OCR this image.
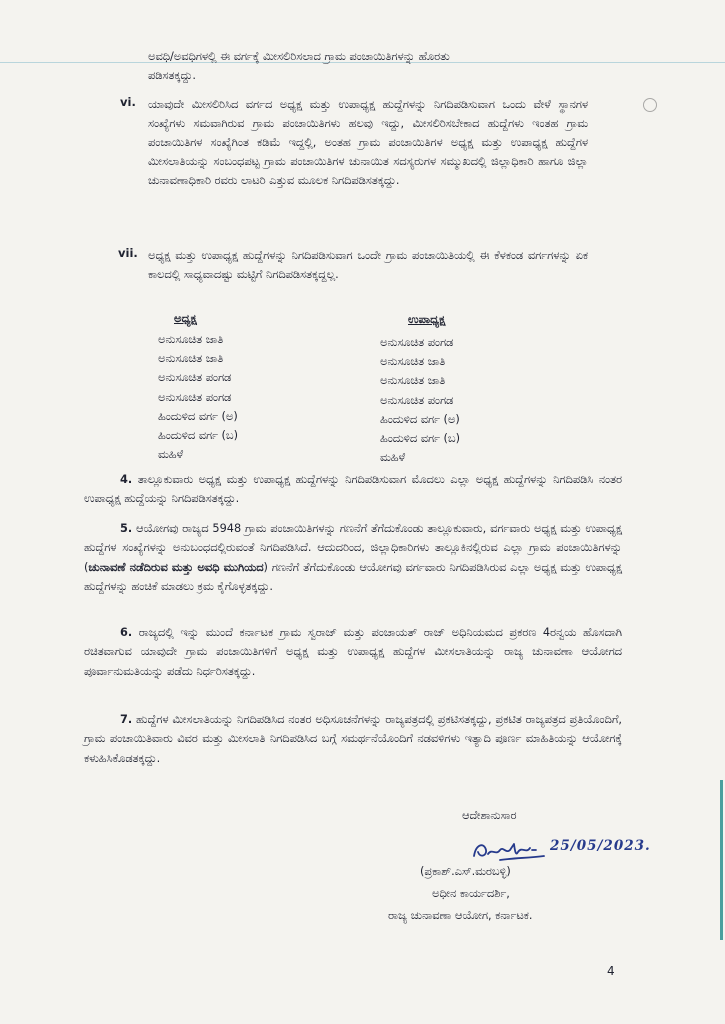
ಅವಧಿ/ಅವಧಿಗಳಲ್ಲಿ ಈ ವರ್ಗಕ್ಕೆ ಮೀಸಲಿರಿಸಲಾದ ಗ್ರಾಮ ಪಂಚಾಯಿತಿಗಳನ್ನು ಹೊರತು

ಪಡಿಸತಕ್ಕದ್ದು.

vi. ಯಾವುದೇ ಮೀಸಲಿರಿಸಿದ ವರ್ಗದ ಅಧ್ಯಕ್ಷ ಮತ್ತು ಉಪಾಧ್ಯಕ್ಷ ಹುದ್ದೆಗಳನ್ನು ನಿಗದಿಪಡಿಸುವಾಗ ಒಂದು ವೇಳೆ ಸ್ಥಾನಗಳ ಸಂಖ್ಯೆಗಳು ಸಮವಾಗಿರುವ ಗ್ರಾಮ ಪಂಚಾಯಿತಿಗಳು ಹಲವು ಇದ್ದು, ಮೀಸಲಿರಿಸಬೇಕಾದ ಹುದ್ದೆಗಳು ಇಂತಹ ಗ್ರಾಮ ಪಂಚಾಯಿತಿಗಳ ಸಂಖ್ಯೆಗಿಂತ ಕಡಿಮೆ ಇದ್ದಲ್ಲಿ, ಅಂತಹ ಗ್ರಾಮ ಪಂಚಾಯಿತಿಗಳ ಅಧ್ಯಕ್ಷ ಮತ್ತು ಉಪಾಧ್ಯಕ್ಷ ಹುದ್ದೆಗಳ ಮೀಸಲಾತಿಯನ್ನು ಸಂಬಂಧಪಟ್ಟ ಗ್ರಾಮ ಪಂಚಾಯಿತಿಗಳ ಚುನಾಯಿತ ಸದಸ್ಯರುಗಳ ಸಮ್ಮುಖದಲ್ಲಿ ಜಿಲ್ಲಾಧಿಕಾರಿ ಹಾಗೂ ಜಿಲ್ಲಾ ಚುನಾವಣಾಧಿಕಾರಿ ರವರು ಲಾಟರಿ ಎತ್ತುವ ಮೂಲಕ ನಿಗದಿಪಡಿಸತಕ್ಕದ್ದು.
vii. ಅಧ್ಯಕ್ಷ ಮತ್ತು ಉಪಾಧ್ಯಕ್ಷ ಹುದ್ದೆಗಳನ್ನು ನಿಗದಿಪಡಿಸುವಾಗ ಒಂದೇ ಗ್ರಾಮ ಪಂಚಾಯಿತಿಯಲ್ಲಿ ಈ ಕೆಳಕಂಡ ವರ್ಗಗಳನ್ನು ಏಕ ಕಾಲದಲ್ಲಿ ಸಾಧ್ಯವಾದಷ್ಟು ಮಟ್ಟಿಗೆ ನಿಗದಿಪಡಿಸತಕ್ಕದ್ದಲ್ಲ.
ಅಧ್ಯಕ್ಷ	ಉಪಾಧ್ಯಕ್ಷ
ಅನುಸೂಚಿತ ಜಾತಿ
ಅನುಸೂಚಿತ ಜಾತಿ
ಅನುಸೂಚಿತ ಪಂಗಡ
ಅನುಸೂಚಿತ ಪಂಗಡ
ಹಿಂದುಳಿದ ವರ್ಗ (ಅ)
ಹಿಂದುಳಿದ ವರ್ಗ (ಬ)
ಮಹಿಳೆ
ಅನುಸೂಚಿತ ಪಂಗಡ
ಅನುಸೂಚಿತ ಜಾತಿ
ಅನುಸೂಚಿತ ಜಾತಿ
ಅನುಸೂಚಿತ ಪಂಗಡ
ಹಿಂದುಳಿದ ವರ್ಗ (ಅ)
ಹಿಂದುಳಿದ ವರ್ಗ (ಬ)
ಮಹಿಳೆ
4. ತಾಲ್ಲೂಕುವಾರು ಅಧ್ಯಕ್ಷ ಮತ್ತು ಉಪಾಧ್ಯಕ್ಷ ಹುದ್ದೆಗಳನ್ನು ನಿಗದಿಪಡಿಸುವಾಗ ಮೊದಲು ಎಲ್ಲಾ ಅಧ್ಯಕ್ಷ ಹುದ್ದೆಗಳನ್ನು ನಿಗದಿಪಡಿಸಿ ನಂತರ ಉಪಾಧ್ಯಕ್ಷ ಹುದ್ದೆಯನ್ನು ನಿಗದಿಪಡಿಸತಕ್ಕದ್ದು.
5. ಆಯೋಗವು ರಾಜ್ಯದ 5948 ಗ್ರಾಮ ಪಂಚಾಯಿತಿಗಳನ್ನು ಗಣನೆಗೆ ತೆಗೆದುಕೊಂಡು ತಾಲ್ಲೂಕುವಾರು, ವರ್ಗವಾರು ಅಧ್ಯಕ್ಷ ಮತ್ತು ಉಪಾಧ್ಯಕ್ಷ ಹುದ್ದೆಗಳ ಸಂಖ್ಯೆಗಳನ್ನು ಅನುಬಂಧದಲ್ಲಿರುವಂತೆ ನಿಗದಿಪಡಿಸಿದೆ. ಆದುದರಿಂದ, ಜಿಲ್ಲಾಧಿಕಾರಿಗಳು ತಾಲ್ಲೂಕಿನಲ್ಲಿರುವ ಎಲ್ಲಾ ಗ್ರಾಮ ಪಂಚಾಯಿತಿಗಳನ್ನು (ಚುನಾವಣೆ ನಡೆದಿರುವ ಮತ್ತು ಅವಧಿ ಮುಗಿಯದ) ಗಣನೆಗೆ ತೆಗೆದುಕೊಂಡು ಆಯೋಗವು ವರ್ಗವಾರು ನಿಗದಿಪಡಿಸಿರುವ ಎಲ್ಲಾ ಅಧ್ಯಕ್ಷ ಮತ್ತು ಉಪಾಧ್ಯಕ್ಷ ಹುದ್ದೆಗಳನ್ನು ಹಂಚಿಕೆ ಮಾಡಲು ಕ್ರಮ ಕೈಗೊಳ್ಳತಕ್ಕದ್ದು.
6. ರಾಜ್ಯದಲ್ಲಿ ಇನ್ನು ಮುಂದೆ ಕರ್ನಾಟಕ ಗ್ರಾಮ ಸ್ವರಾಜ್ ಮತ್ತು ಪಂಚಾಯತ್ ರಾಜ್ ಅಧಿನಿಯಮದ ಪ್ರಕರಣ 4ರನ್ವಯ ಹೊಸದಾಗಿ ರಚಿತವಾಗುವ ಯಾವುದೇ ಗ್ರಾಮ ಪಂಚಾಯಿತಿಗಳಿಗೆ ಅಧ್ಯಕ್ಷ ಮತ್ತು ಉಪಾಧ್ಯಕ್ಷ ಹುದ್ದೆಗಳ ಮೀಸಲಾತಿಯನ್ನು ರಾಜ್ಯ ಚುನಾವಣಾ ಆಯೋಗದ ಪೂರ್ವಾನುಮತಿಯನ್ನು ಪಡೆದು ನಿರ್ಧರಿಸತಕ್ಕದ್ದು.
7. ಹುದ್ದೆಗಳ ಮೀಸಲಾತಿಯನ್ನು ನಿಗದಿಪಡಿಸಿದ ನಂತರ ಅಧಿಸೂಚನೆಗಳನ್ನು ರಾಜ್ಯಪತ್ರದಲ್ಲಿ ಪ್ರಕಟಿಸತಕ್ಕದ್ದು, ಪ್ರಕಟಿತ ರಾಜ್ಯಪತ್ರದ ಪ್ರತಿಯೊಂದಿಗೆ, ಗ್ರಾಮ ಪಂಚಾಯಿತಿವಾರು ವಿವರ ಮತ್ತು ಮೀಸಲಾತಿ ನಿಗದಿಪಡಿಸಿದ ಬಗ್ಗೆ ಸಮರ್ಥನೆಯೊಂದಿಗೆ ನಡವಳಿಗಳು ಇತ್ಯಾದಿ ಪೂರ್ಣ ಮಾಹಿತಿಯನ್ನು ಆಯೋಗಕ್ಕೆ ಕಳುಹಿಸಿಕೊಡತಕ್ಕದ್ದು.
ಆದೇಶಾನುಸಾರ
25/05/2023.
(ಪ್ರಕಾಶ್.ಎಸ್.ಮರಬಳ್ಳಿ)
ಅಧೀನ ಕಾರ್ಯದರ್ಶಿ,
ರಾಜ್ಯ ಚುನಾವಣಾ ಆಯೋಗ, ಕರ್ನಾಟಕ.
4
